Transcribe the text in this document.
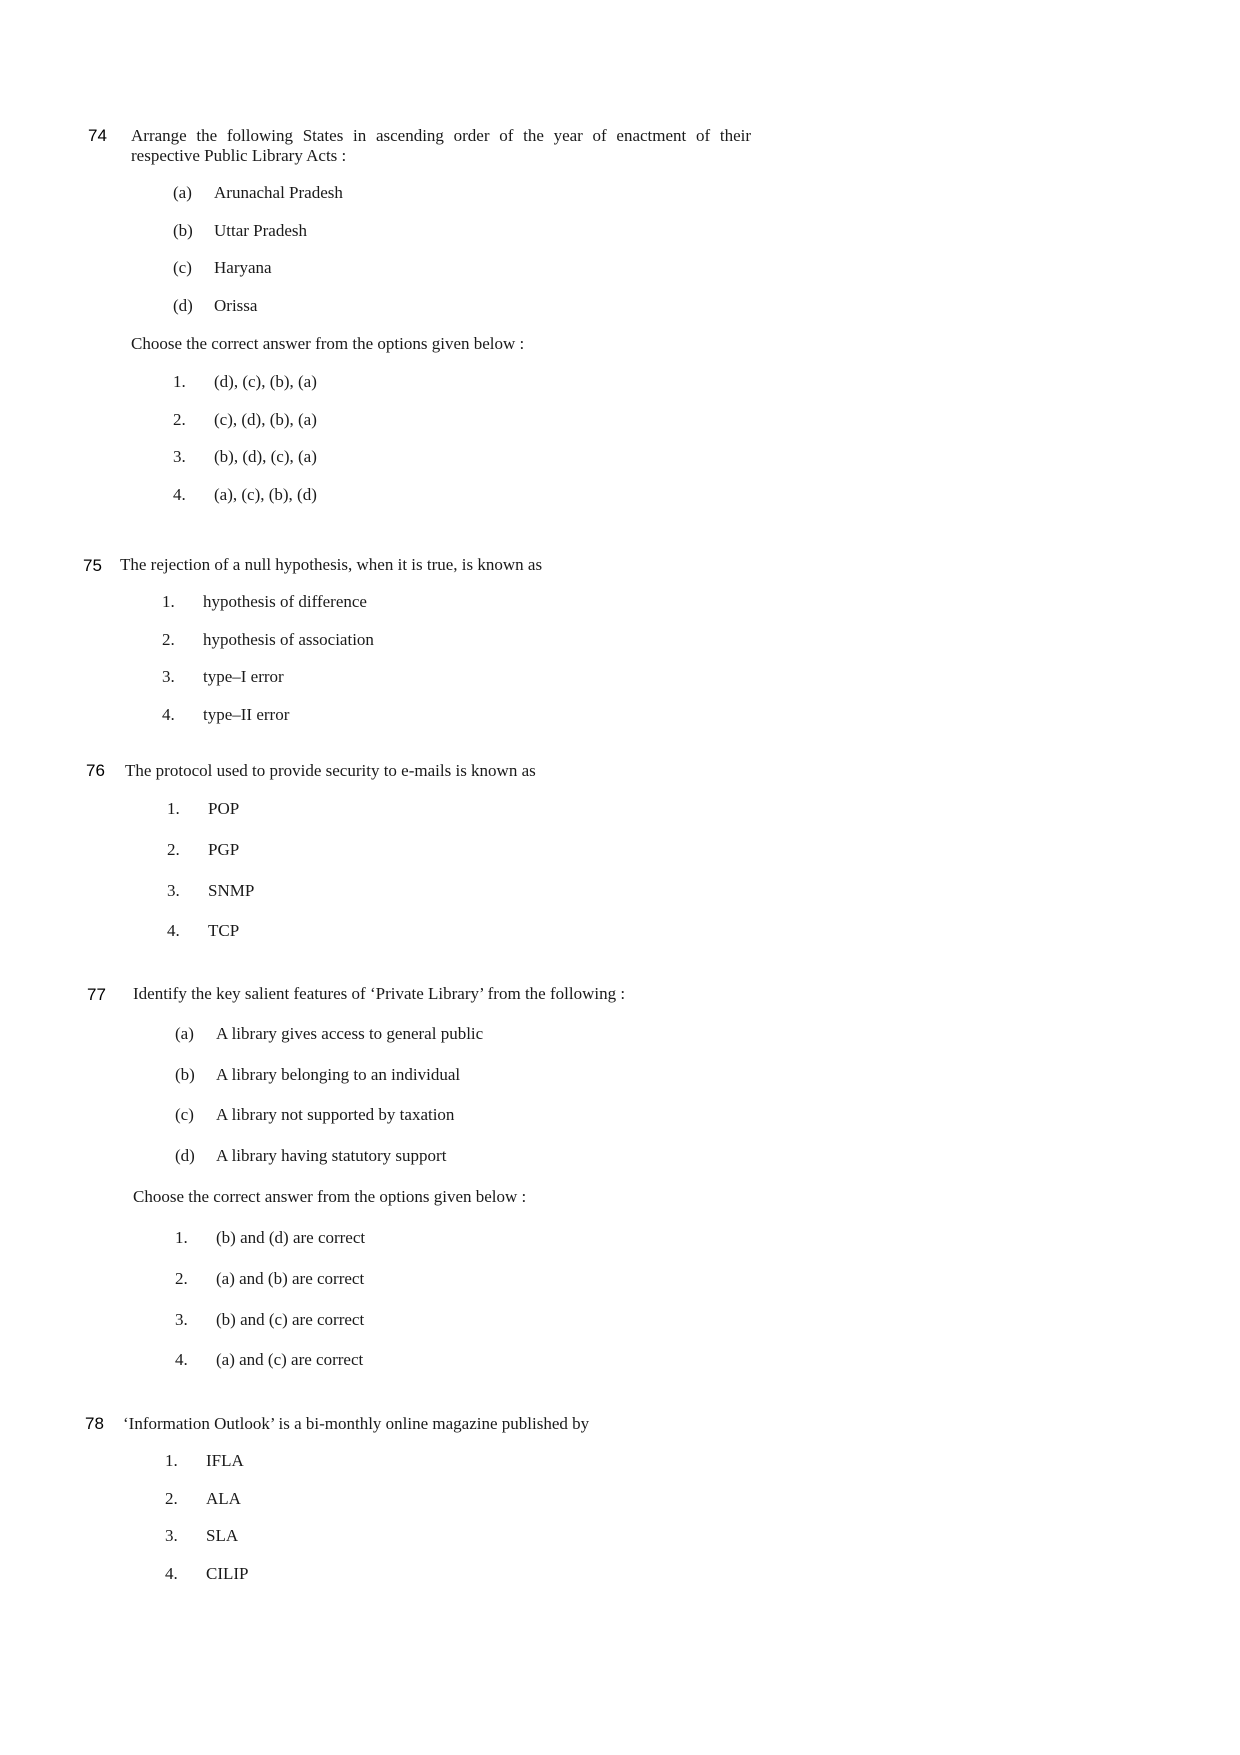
74 Arrange the following States in ascending order of the year of enactment of their respective Public Library Acts :
(a) Arunachal Pradesh
(b) Uttar Pradesh
(c) Haryana
(d) Orissa
Choose the correct answer from the options given below :
1. (d), (c), (b), (a)
2. (c), (d), (b), (a)
3. (b), (d), (c), (a)
4. (a), (c), (b), (d)
75 The rejection of a null hypothesis, when it is true, is known as
1. hypothesis of difference
2. hypothesis of association
3. type–I error
4. type–II error
76 The protocol used to provide security to e-mails is known as
1. POP
2. PGP
3. SNMP
4. TCP
77 Identify the key salient features of ‘Private Library’ from the following :
(a) A library gives access to general public
(b) A library belonging to an individual
(c) A library not supported by taxation
(d) A library having statutory support
Choose the correct answer from the options given below :
1. (b) and (d) are correct
2. (a) and (b) are correct
3. (b) and (c) are correct
4. (a) and (c) are correct
78 ‘Information Outlook’ is a bi-monthly online magazine published by
1. IFLA
2. ALA
3. SLA
4. CILIP
